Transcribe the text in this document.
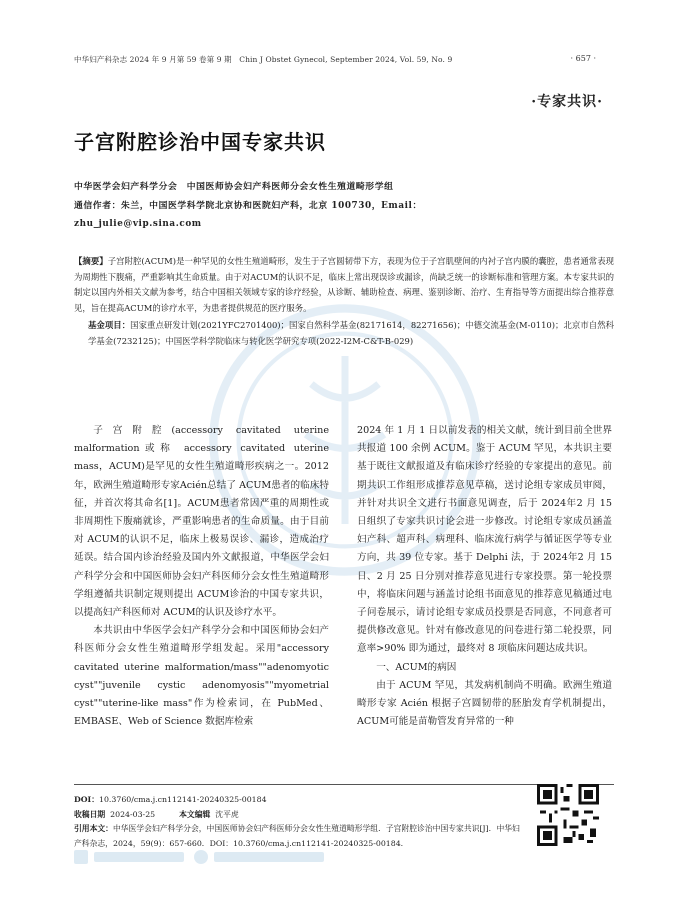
中华妇产科杂志 2024 年 9 月第 59 卷第 9 期　Chin J Obstet Gynecol, September 2024, Vol. 59, No. 9	· 657 ·
·专家共识·
子宫附腔诊治中国专家共识
中华医学会妇产科学分会　中国医师协会妇产科医师分会女性生殖道畸形学组
通信作者：朱兰，中国医学科学院北京协和医院妇产科，北京 100730，Email：
zhu_julie@vip.sina.com
【摘要】子宫附腔(ACUM)是一种罕见的女性生殖道畸形，发生于子宫圆韧带下方，表现为位于子宫肌壁间的内衬子宫内膜的囊腔，患者通常表现为周期性下腹痛，严重影响其生命质量。由于对ACUM的认识不足，临床上常出现误诊或漏诊，尚缺乏统一的诊断标准和管理方案。本专家共识的制定以国内外相关文献为参考，结合中国相关领域专家的诊疗经验，从诊断、辅助检查、病理、鉴别诊断、治疗、生育指导等方面提出综合推荐意见，旨在提高ACUM的诊疗水平，为患者提供规范的医疗服务。
基金项目：国家重点研发计划(2021YFC2701400)；国家自然科学基金(82171614，82271656)；中德交流基金(M-0110)；北京市自然科学基金(7232125)；中国医学科学院临床与转化医学研究专项(2022-I2M-C&T-B-029)

子宫附腔(accessory cavitated uterine malformation或称 accessory cavitated uterine mass，ACUM)是罕见的女性生殖道畸形疾病之一。2012 年，欧洲生殖道畸形专家Acién总结了 ACUM患者的临床特征，并首次将其命名[1]。ACUM患者常因严重的周期性或非周期性下腹痛就诊，严重影响患者的生命质量。由于目前对 ACUM的认识不足，临床上极易误诊、漏诊，造成治疗延误。结合国内诊治经验及国内外文献报道，中华医学会妇产科学分会和中国医师协会妇产科医师分会女性生殖道畸形学组遵循共识制定规则提出 ACUM诊治的中国专家共识，以提高妇产科医师对 ACUM的认识及诊疗水平。

本共识由中华医学会妇产科学分会和中国医师协会妇产科医师分会女性生殖道畸形学组发起。采用"accessory cavitated uterine malformation/mass""adenomyotic cyst""juvenile cystic adenomyosis""myometrial cyst""uterine-like mass"作为检索词，在 PubMed、EMBASE、Web of Science 数据库检索

2024 年 1 月 1 日以前发表的相关文献，统计到目前全世界共报道 100 余例 ACUM。鉴于 ACUM 罕见，本共识主要基于既往文献报道及有临床诊疗经验的专家提出的意见。前期共识工作组形成推荐意见草稿，送讨论组专家成员审阅，并针对共识全文进行书面意见调查，后于 2024年2 月 15 日组织了专家共识讨论会进一步修改。讨论组专家成员涵盖妇产科、超声科、病理科、临床流行病学与循证医学等专业方向，共 39 位专家。基于 Delphi 法，于 2024年2 月 15 日、2 月 25 日分别对推荐意见进行专家投票。第一轮投票中，将临床问题与涵盖讨论组书面意见的推荐意见稿通过电子问卷展示，请讨论组专家成员投票是否同意，不同意者可提供修改意见。针对有修改意见的问卷进行第二轮投票，同意率>90% 即为通过，最终对 8 项临床问题达成共识。

一、ACUM的病因

由于 ACUM 罕见，其发病机制尚不明确。欧洲生殖道畸形专家 Acién 根据子宫圆韧带的胚胎发育学机制提出，ACUM可能是苗勒管发育异常的一种

DOI：10.3760/cma.j.cn112141-20240325-00184
收稿日期 2024-03-25	本文编辑 沈平虎
引用本文：中华医学会妇产科学分会，中国医师协会妇产科医师分会女性生殖道畸形学组．子宫附腔诊治中国专家共识[J]．中华妇产科杂志，2024，59(9)：657-660．DOI：10.3760/cma.j.cn112141-20240325-00184.
